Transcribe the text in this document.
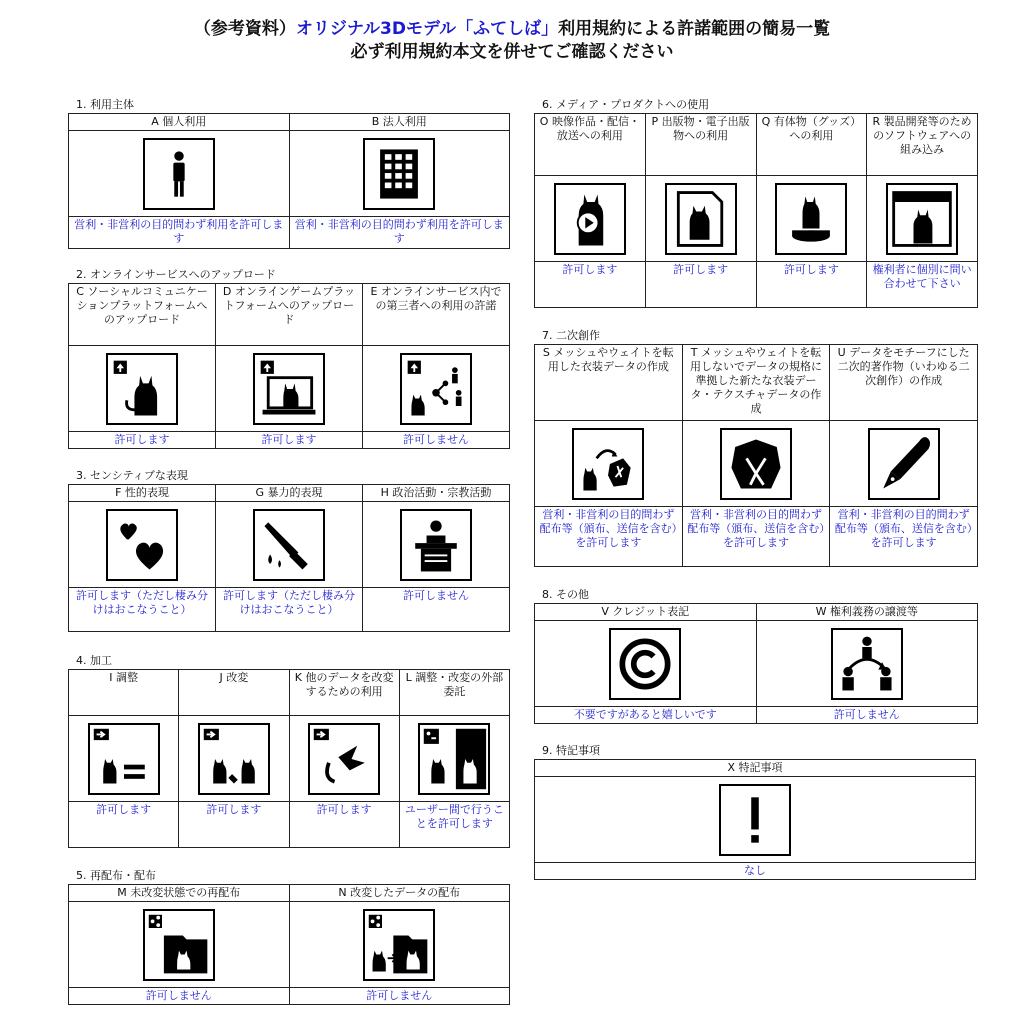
（参考資料）オリジナル3Dモデル「ふてしば」利用規約による許諾範囲の簡易一覧
必ず利用規約本文を併せてご確認ください
1. 利用主体
A 個人利用	B 法人利用

営利・非営利の目的問わず利用を許可します	営利・非営利の目的問わず利用を許可します
2. オンラインサービスへのアップロード
C ソーシャルコミュニケーションプラットフォームへのアップロード	D オンラインゲームプラットフォームへのアップロード	E オンラインサービス内での第三者への利用の許諾

許可します	許可します	許可しません
3. センシティブな表現
F 性的表現	G 暴力的表現	H 政治活動・宗教活動

許可します（ただし棲み分けはおこなうこと）	許可します（ただし棲み分けはおこなうこと）	許可しません
4. 加工
I 調整	J 改変	K 他のデータを改変するための利用	L 調整・改変の外部委託

許可します	許可します	許可します	ユーザー間で行うことを許可します
5. 再配布・配布
M 未改変状態での再配布	N 改変したデータの配布

許可しません	許可しません
6. メディア・プロダクトへの使用
O 映像作品・配信・放送への利用	P 出版物・電子出版物への利用	Q 有体物（グッズ）への利用	R 製品開発等のためのソフトウェアへの組み込み

許可します	許可します	許可します	権利者に個別に問い合わせて下さい
7. 二次創作
S メッシュやウェイトを転用した衣装データの作成	T メッシュやウェイトを転用しないでデータの規格に準拠した新たな衣装データ・テクスチャデータの作成	U データをモチーフにした二次的著作物（いわゆる二次創作）の作成

営利・非営利の目的問わず配布等（頒布、送信を含む）を許可します	営利・非営利の目的問わず配布等（頒布、送信を含む）を許可します	営利・非営利の目的問わず配布等（頒布、送信を含む）を許可します
8. その他
V クレジット表記	W 権利義務の譲渡等

不要ですがあると嬉しいです	許可しません
9. 特記事項
X 特記事項

なし
